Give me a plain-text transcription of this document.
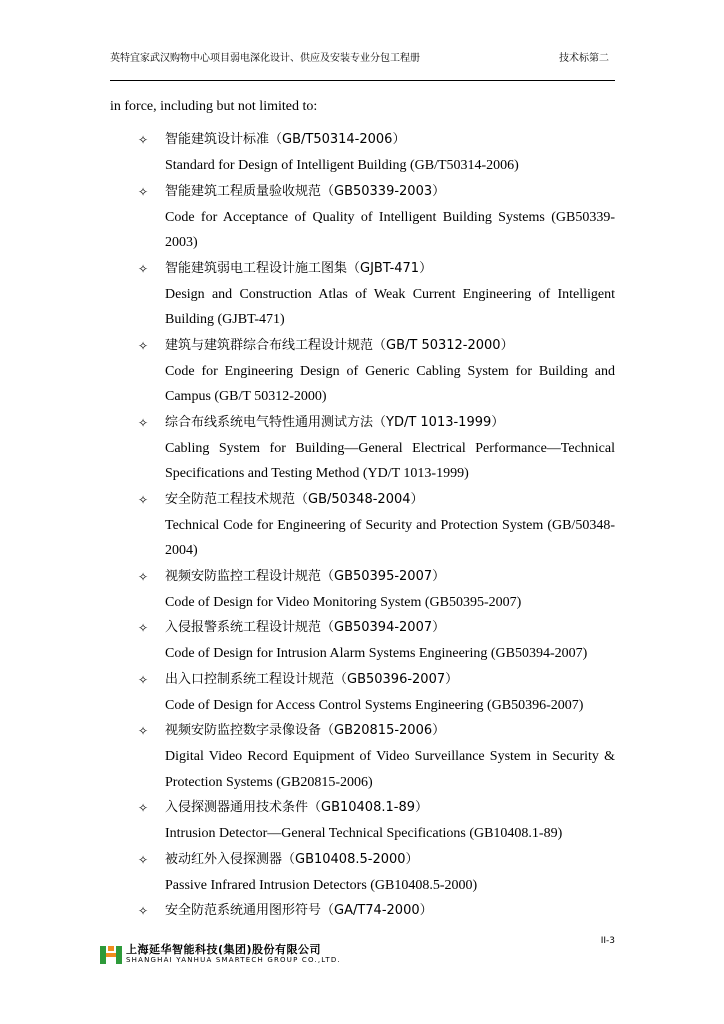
英特宜家武汉购物中心项目弱电深化设计、供应及安装专业分包工程册	技术标第二
in force, including but not limited to:
✧ 智能建筑设计标准（GB/T50314-2006）
Standard for Design of Intelligent Building (GB/T50314-2006)
✧ 智能建筑工程质量验收规范（GB50339-2003）
Code for Acceptance of Quality of Intelligent Building Systems (GB50339-2003)
✧ 智能建筑弱电工程设计施工图集（GJBT-471）
Design and Construction Atlas of Weak Current Engineering of Intelligent Building (GJBT-471)
✧ 建筑与建筑群综合布线工程设计规范（GB/T 50312-2000）
Code for Engineering Design of Generic Cabling System for Building and Campus (GB/T 50312-2000)
✧ 综合布线系统电气特性通用测试方法（YD/T 1013-1999）
Cabling System for Building—General Electrical Performance—Technical Specifications and Testing Method (YD/T 1013-1999)
✧ 安全防范工程技术规范（GB/50348-2004）
Technical Code for Engineering of Security and Protection System (GB/50348-2004)
✧ 视频安防监控工程设计规范（GB50395-2007）
Code of Design for Video Monitoring System (GB50395-2007)
✧ 入侵报警系统工程设计规范（GB50394-2007）
Code of Design for Intrusion Alarm Systems Engineering (GB50394-2007)
✧ 出入口控制系统工程设计规范（GB50396-2007）
Code of Design for Access Control Systems Engineering (GB50396-2007)
✧ 视频安防监控数字录像设备（GB20815-2006）
Digital Video Record Equipment of Video Surveillance System in Security & Protection Systems (GB20815-2006)
✧ 入侵探测器通用技术条件（GB10408.1-89）
Intrusion Detector—General Technical Specifications (GB10408.1-89)
✧ 被动红外入侵探测器（GB10408.5-2000）
Passive Infrared Intrusion Detectors (GB10408.5-2000)
✧ 安全防范系统通用图形符号（GA/T74-2000）
上海延华智能科技(集团)股份有限公司
SHANGHAI YANHUA SMARTECH GROUP CO.,LTD.
II-3
